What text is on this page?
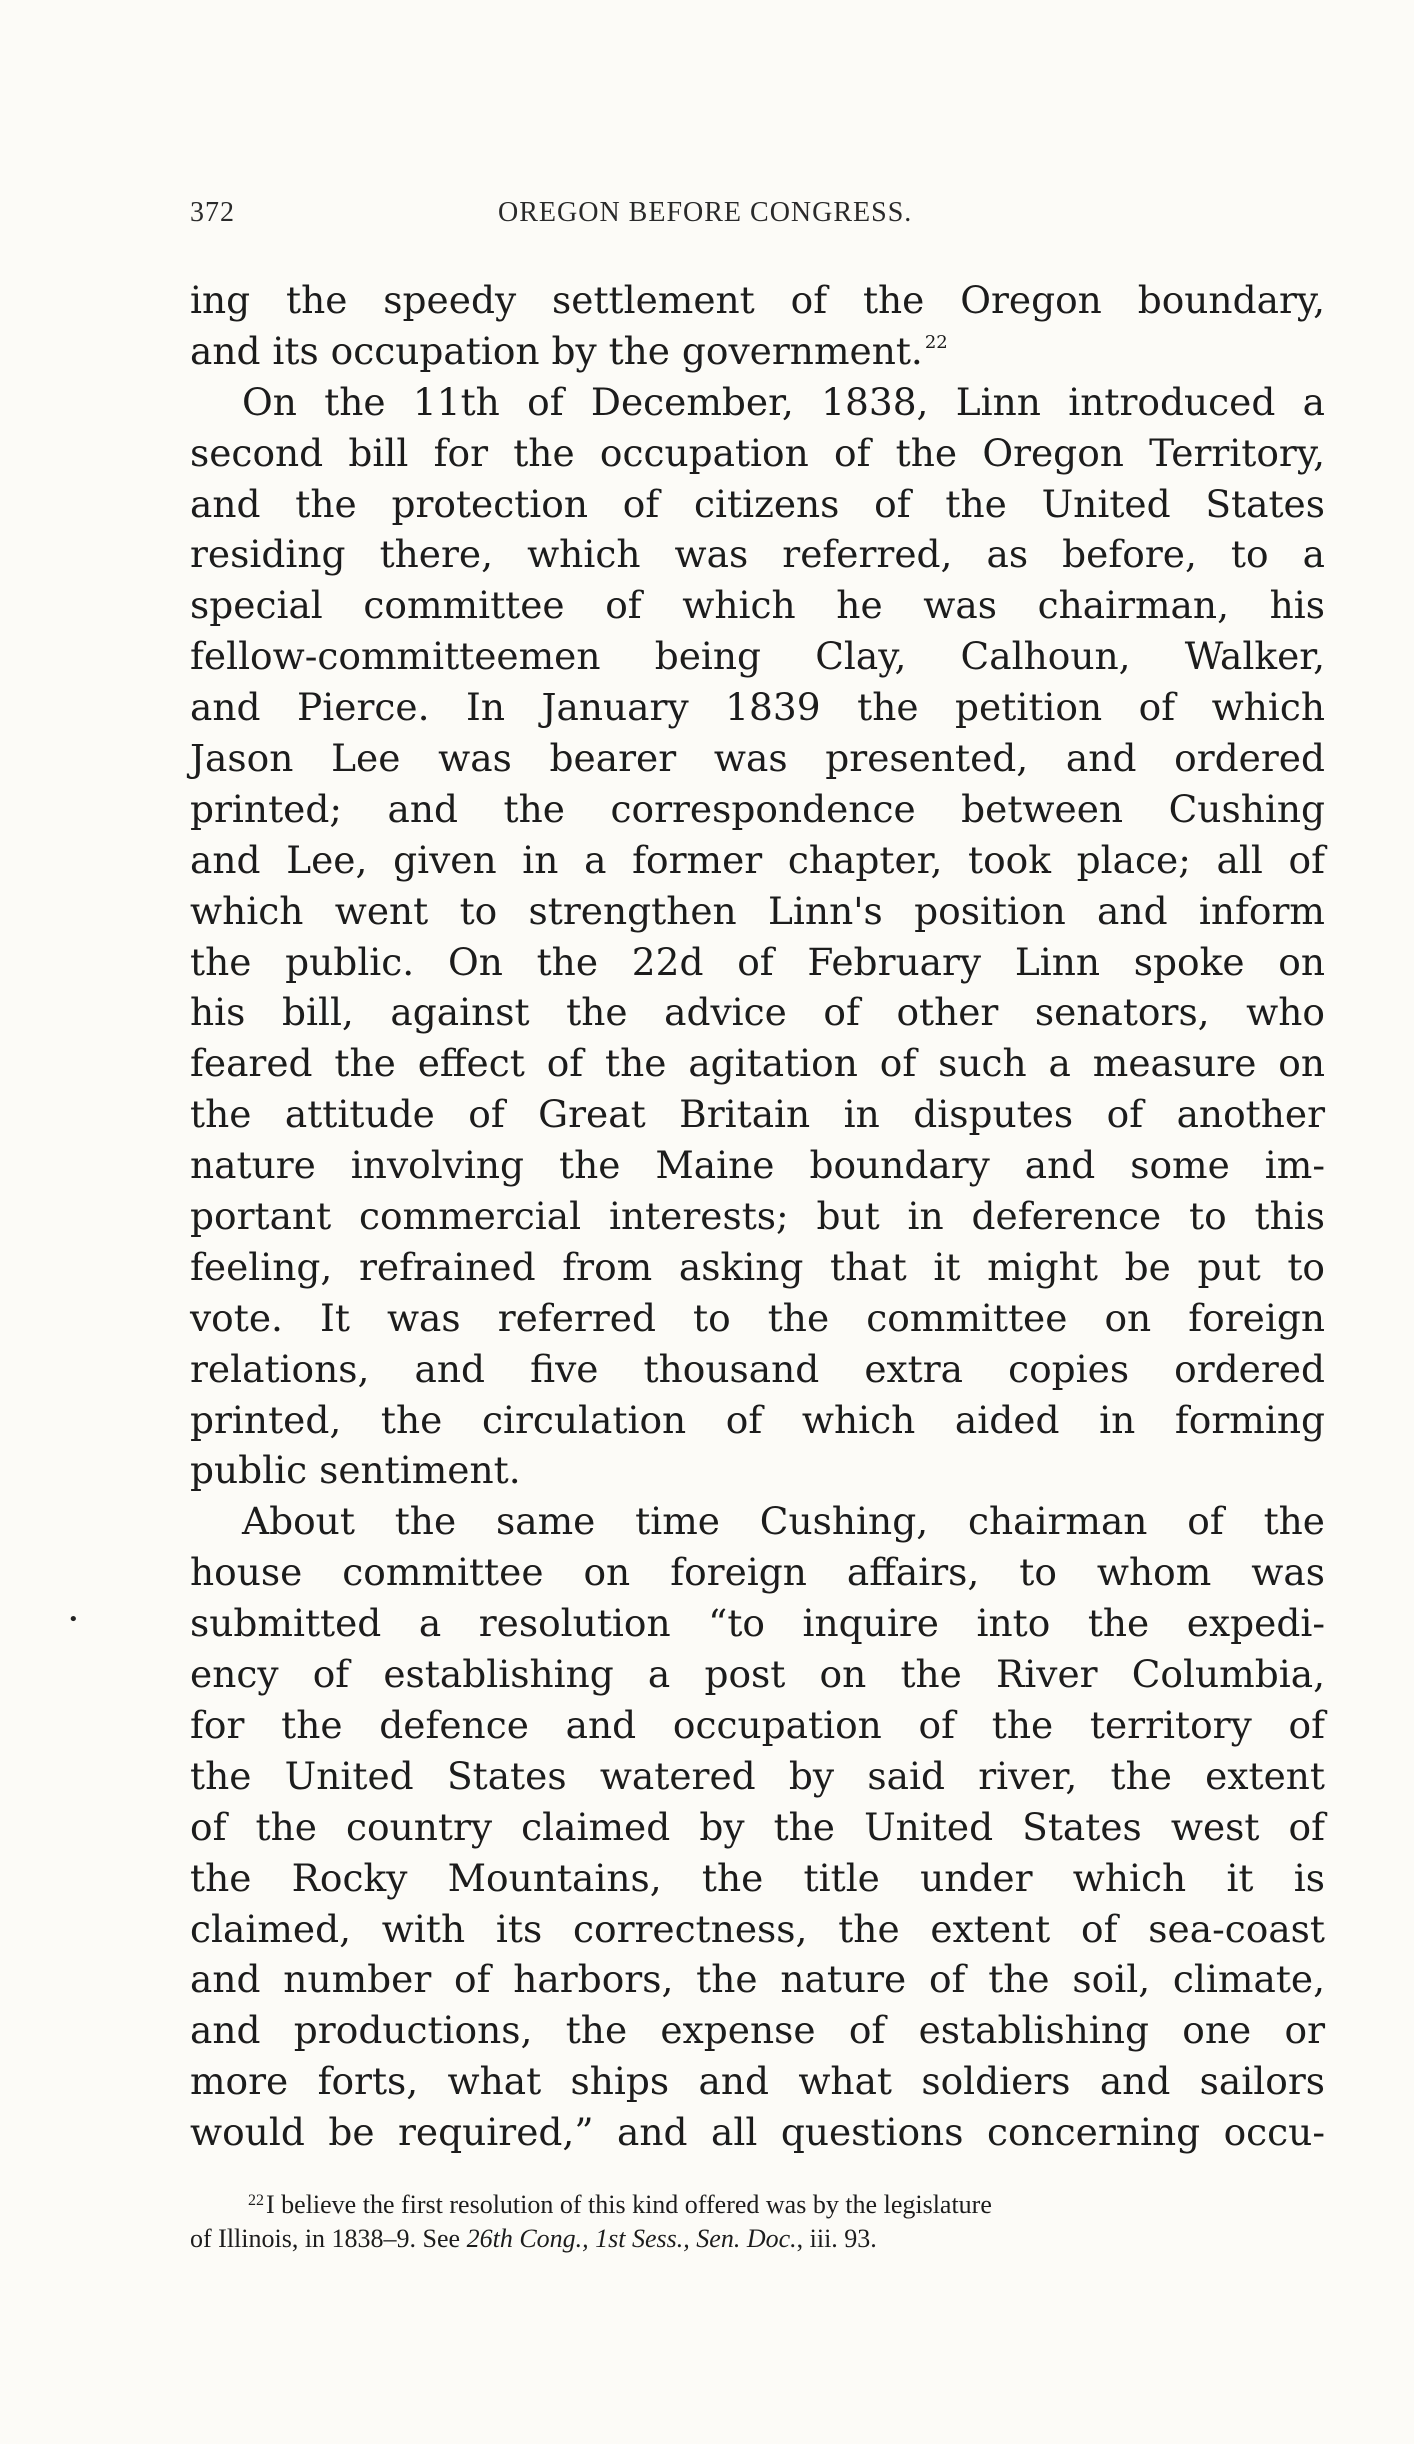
372	OREGON BEFORE CONGRESS.
•
ing the speedy settlement of the Oregon boundary,
and its occupation by the government. $^{22}$
On the 11th of December, 1838, Linn introduced a
second bill for the occupation of the Oregon Territory,
and the protection of citizens of the United States
residing there, which was referred, as before, to a
special committee of which he was chairman, his
fellow-committeemen being Clay, Calhoun, Walker,
and Pierce. In January 1839 the petition of which
Jason Lee was bearer was presented, and ordered
printed; and the correspondence between Cushing
and Lee, given in a former chapter, took place; all of
which went to strengthen Linn's position and inform
the public. On the 22d of February Linn spoke on
his bill, against the advice of other senators, who
feared the effect of the agitation of such a measure on
the attitude of Great Britain in disputes of another
nature involving the Maine boundary and some im-
portant commercial interests; but in deference to this
feeling, refrained from asking that it might be put to
vote. It was referred to the committee on foreign
relations, and five thousand extra copies ordered
printed, the circulation of which aided in forming
public sentiment.
About the same time Cushing, chairman of the
house committee on foreign affairs, to whom was
submitted a resolution “to inquire into the expedi-
ency of establishing a post on the River Columbia,
for the defence and occupation of the territory of
the United States watered by said river, the extent
of the country claimed by the United States west of
the Rocky Mountains, the title under which it is
claimed, with its correctness, the extent of sea-coast
and number of harbors, the nature of the soil, climate,
and productions, the expense of establishing one or
more forts, what ships and what soldiers and sailors
would be required,” and all questions concerning occu-
$^{22}$I believe the first resolution of this kind offered was by the legislature
of Illinois, in 1838–9. See 26th Cong., 1st Sess., Sen. Doc., iii. 93.
